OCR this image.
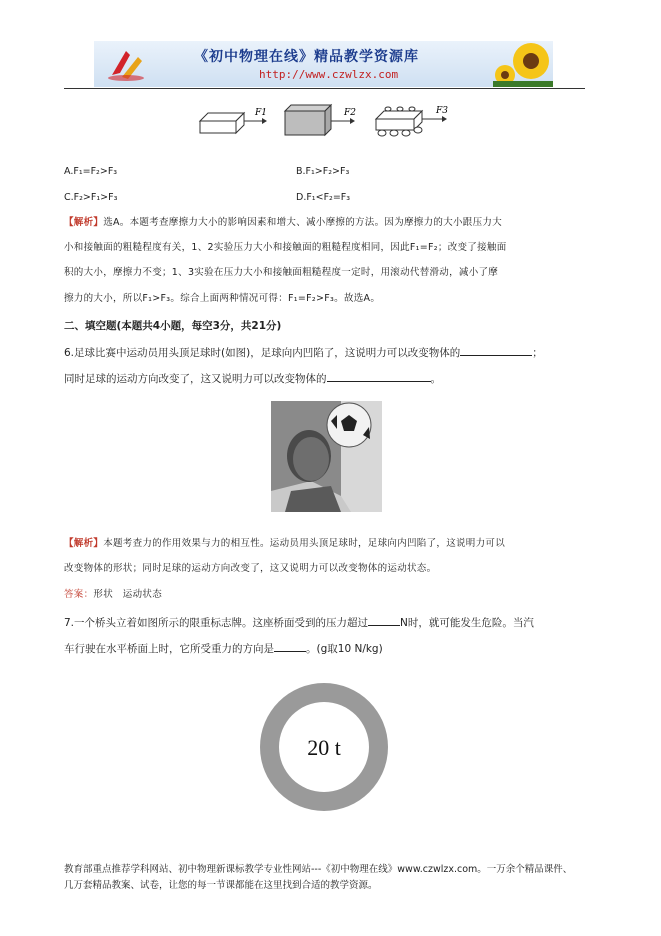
《初中物理在线》精品教学资源库
http://www.czwlzx.com
F1	F2	F3
A.F₁=F₂>F₃	B.F₁>F₂>F₃
C.F₂>F₁>F₃	D.F₁<F₂=F₃
【解析】选A。本题考查摩擦力大小的影响因素和增大、减小摩擦的方法。因为摩擦力的大小跟压力大
小和接触面的粗糙程度有关，1、2实验压力大小和接触面的粗糙程度相同，因此F₁=F₂；改变了接触面
积的大小，摩擦力不变；1、3实验在压力大小和接触面粗糙程度一定时，用滚动代替滑动，减小了摩
擦力的大小，所以F₁>F₃。综合上面两种情况可得：F₁=F₂>F₃。故选A。
二、填空题(本题共4小题，每空3分，共21分)
6.足球比赛中运动员用头顶足球时(如图)，足球向内凹陷了，这说明力可以改变物体的	；
同时足球的运动方向改变了，这又说明力可以改变物体的	。
【解析】本题考查力的作用效果与力的相互性。运动员用头顶足球时，足球向内凹陷了，这说明力可以
改变物体的形状；同时足球的运动方向改变了，这又说明力可以改变物体的运动状态。
答案：形状　运动状态
7.一个桥头立着如图所示的限重标志牌。这座桥面受到的压力超过	N时，就可能发生危险。当汽
车行驶在水平桥面上时，它所受重力的方向是	。(g取10 N/kg)
20 t
教育部重点推荐学科网站、初中物理新课标教学专业性网站---《初中物理在线》www.czwlzx.com。一万余个精品课件、
几万套精品教案、试卷，让您的每一节课都能在这里找到合适的教学资源。
